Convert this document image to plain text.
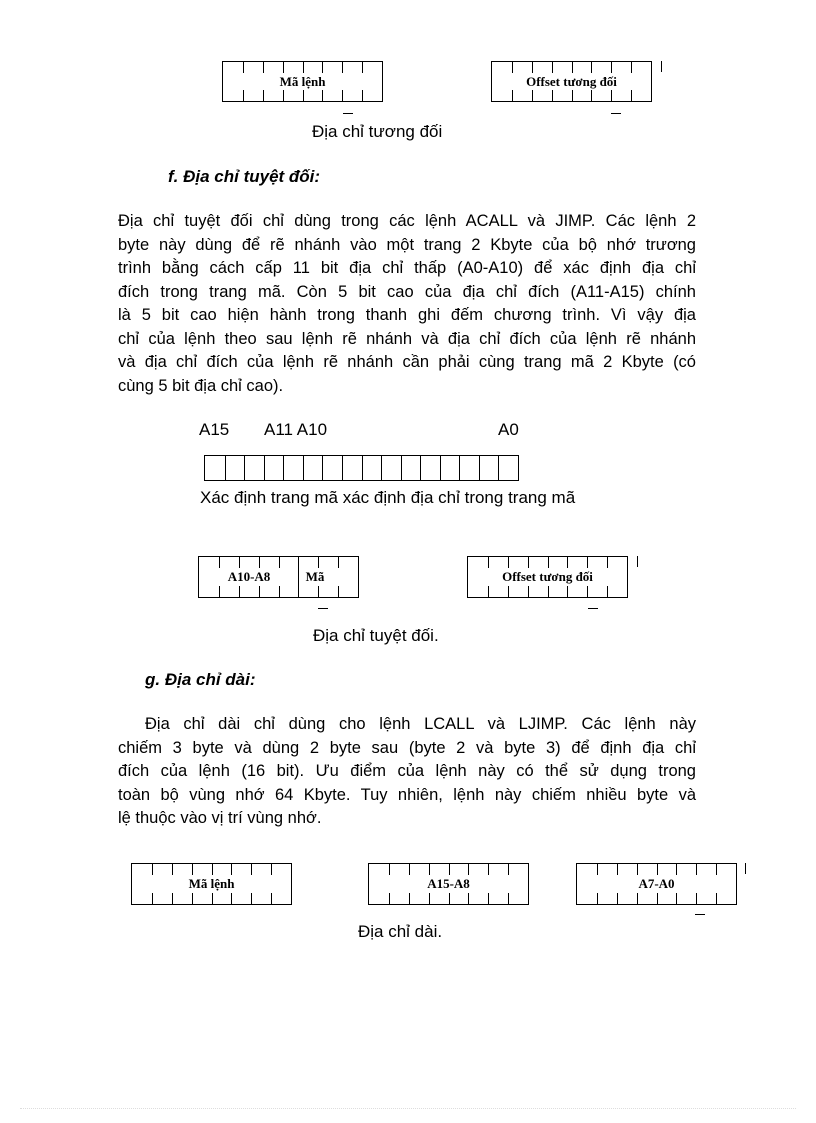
Mã lệnh	Offset tương đối
Địa chỉ tương đối
f. Địa chỉ tuyệt đối:
Địa chỉ tuyệt đối chỉ dùng trong các lệnh ACALL và JIMP. Các lệnh 2
byte này dùng để rẽ nhánh vào một trang 2 Kbyte của bộ nhớ trương
trình bằng cách cấp 11 bit địa chỉ thấp (A0-A10) để xác định địa chỉ
đích trong trang mã. Còn 5 bit cao của địa chỉ đích (A11-A15) chính
là 5 bit cao hiện hành trong thanh ghi đếm chương trình. Vì vậy địa
chỉ của lệnh theo sau lệnh rẽ nhánh và địa chỉ đích của lệnh rẽ nhánh
và địa chỉ đích của lệnh rẽ nhánh cần phải cùng trang mã 2 Kbyte (có
cùng 5 bit địa chỉ cao).
A15 A11 A10	A0
Xác định trang mã xác định địa chỉ trong trang mã
A10-A8	Mã	Offset tương đối
Địa chỉ tuyệt đối.
g. Địa chỉ dài:
Địa chỉ dài chỉ dùng cho lệnh LCALL và LJIMP. Các lệnh này
chiếm 3 byte và dùng 2 byte sau (byte 2 và byte 3) để định địa chỉ
đích của lệnh (16 bit). Ưu điểm của lệnh này có thể sử dụng trong
toàn bộ vùng nhớ 64 Kbyte. Tuy nhiên, lệnh này chiếm nhiều byte và
lệ thuộc vào vị trí vùng nhớ.
Mã lệnh	A15-A8	A7-A0
Địa chỉ dài.
